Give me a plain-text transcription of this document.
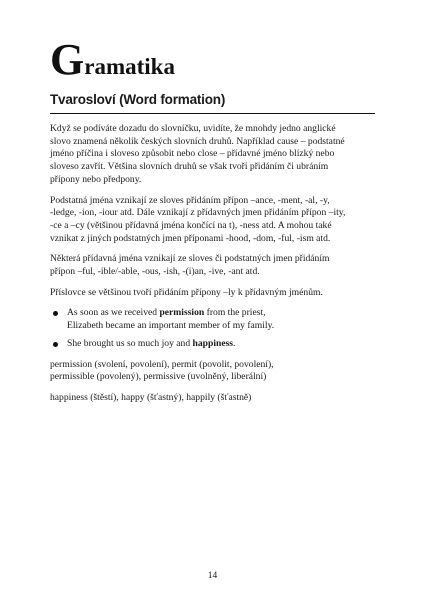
Gramatika
Tvarosloví (Word formation)
Když se podíváte dozadu do slovníčku, uvidíte, že mnohdy jedno anglické
slovo znamená několik českých slovních druhů. Například cause – podstatné
jméno příčina i sloveso způsobit nebo close – přídavné jméno blízký nebo
sloveso zavřít. Většina slovních druhů se však tvoří přidáním či ubráním
přípony nebo předpony.
Podstatná jména vznikají ze sloves přidáním přípon –ance, -ment, -al, -y,
-ledge, -ion, -iour atd. Dále vznikají z přídavných jmen přidáním přípon –ity,
-ce a –cy (většinou přídavná jména končící na t), -ness atd. A mohou také
vznikat z jiných podstatných jmen příponami -hood, -dom, -ful, -ism atd.
Některá přídavná jména vznikají ze sloves či podstatných jmen přidáním
přípon –ful, -ible/-able, -ous, -ish, -(i)an, -ive, -ant atd.
Příslovce se většinou tvoří přidáním přípony –ly k přídavným jménům.
As soon as we received permission from the priest,
Elizabeth became an important member of my family.
She brought us so much joy and happiness.
permission (svolení, povolení), permit (povolit, povolení),
permissible (povolený), permissive (uvolněný, liberální)
happiness (štěstí), happy (šťastný), happily (šťastně)
14
